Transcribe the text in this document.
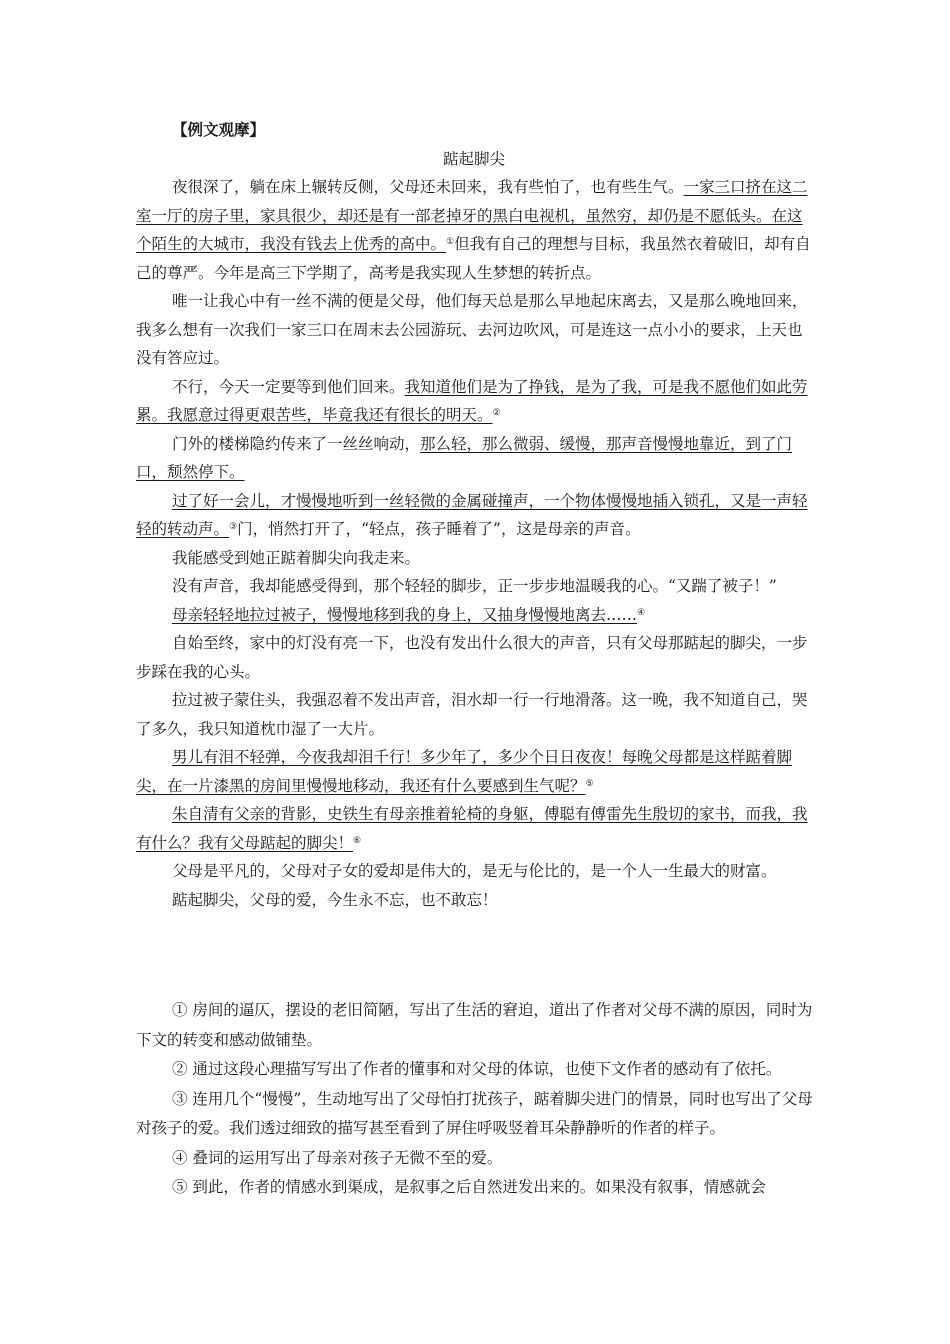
【例文观摩】
踮起脚尖

夜很深了，躺在床上辗转反侧，父母还未回来，我有些怕了，也有些生气。一家三口挤在这二室一厅的房子里，家具很少，却还是有一部老掉牙的黑白电视机，虽然穷，却仍是不愿低头。在这个陌生的大城市，我没有钱去上优秀的高中。①但我有自己的理想与目标，我虽然衣着破旧，却有自己的尊严。今年是高三下学期了，高考是我实现人生梦想的转折点。

唯一让我心中有一丝不满的便是父母，他们每天总是那么早地起床离去，又是那么晚地回来，我多么想有一次我们一家三口在周末去公园游玩、去河边吹风，可是连这一点小小的要求，上天也没有答应过。

不行，今天一定要等到他们回来。我知道他们是为了挣钱，是为了我，可是我不愿他们如此劳累。我愿意过得更艰苦些，毕竟我还有很长的明天。②

门外的楼梯隐约传来了一丝丝响动，那么轻，那么微弱、缓慢，那声音慢慢地靠近，到了门口，颓然停下。

过了好一会儿，才慢慢地听到一丝轻微的金属碰撞声，一个物体慢慢地插入锁孔，又是一声轻轻的转动声。③门，悄然打开了，“轻点，孩子睡着了”，这是母亲的声音。

我能感受到她正踮着脚尖向我走来。

没有声音，我却能感受得到，那个轻轻的脚步，正一步步地温暖我的心。“又踹了被子！”

母亲轻轻地拉过被子，慢慢地移到我的身上，又抽身慢慢地离去……④

自始至终，家中的灯没有亮一下，也没有发出什么很大的声音，只有父母那踮起的脚尖，一步步踩在我的心头。

拉过被子蒙住头，我强忍着不发出声音，泪水却一行一行地滑落。这一晚，我不知道自己，哭了多久，我只知道枕巾湿了一大片。

男儿有泪不轻弹，今夜我却泪千行！多少年了，多少个日日夜夜！每晚父母都是这样踮着脚尖，在一片漆黑的房间里慢慢地移动，我还有什么要感到生气呢？⑤

朱自清有父亲的背影，史铁生有母亲推着轮椅的身躯，傅聪有傅雷先生殷切的家书，而我，我有什么？我有父母踮起的脚尖！⑥

父母是平凡的，父母对子女的爱却是伟大的，是无与伦比的，是一个人一生最大的财富。

踮起脚尖，父母的爱，今生永不忘，也不敢忘！

① 房间的逼仄，摆设的老旧简陋，写出了生活的窘迫，道出了作者对父母不满的原因，同时为下文的转变和感动做铺垫。

② 通过这段心理描写写出了作者的懂事和对父母的体谅，也使下文作者的感动有了依托。

③ 连用几个“慢慢”，生动地写出了父母怕打扰孩子，踮着脚尖进门的情景，同时也写出了父母对孩子的爱。我们透过细致的描写甚至看到了屏住呼吸竖着耳朵静静听的作者的样子。

④ 叠词的运用写出了母亲对孩子无微不至的爱。

⑤ 到此，作者的情感水到渠成，是叙事之后自然迸发出来的。如果没有叙事，情感就会
